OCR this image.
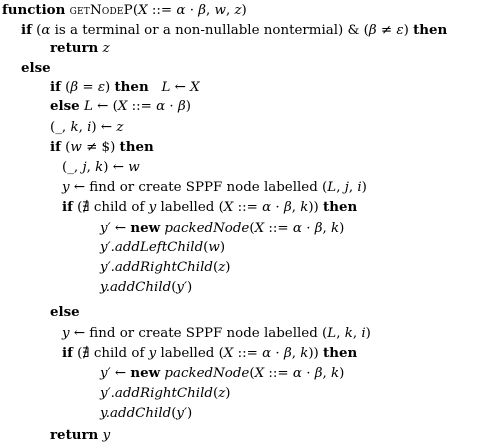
function getNodeP(X ::= α · β, w, z)
if (α is a terminal or a non-nullable nontermial) & (β ≠ ε) then
return z
else
if (β = ε) then L ← X
else L ← (X ::= α · β)
(_, k, i) ← z
if (w ≠ $) then
(_, j, k) ← w
y ← find or create SPPF node labelled (L, j, i)
if (∄ child of y labelled (X ::= α · β, k)) then
y′ ← new packedNode(X ::= α · β, k)
y′.addLeftChild(w)
y′.addRightChild(z)
y.addChild(y′)
else
y ← find or create SPPF node labelled (L, k, i)
if (∄ child of y labelled (X ::= α · β, k)) then
y′ ← new packedNode(X ::= α · β, k)
y′.addRightChild(z)
y.addChild(y′)
return y
